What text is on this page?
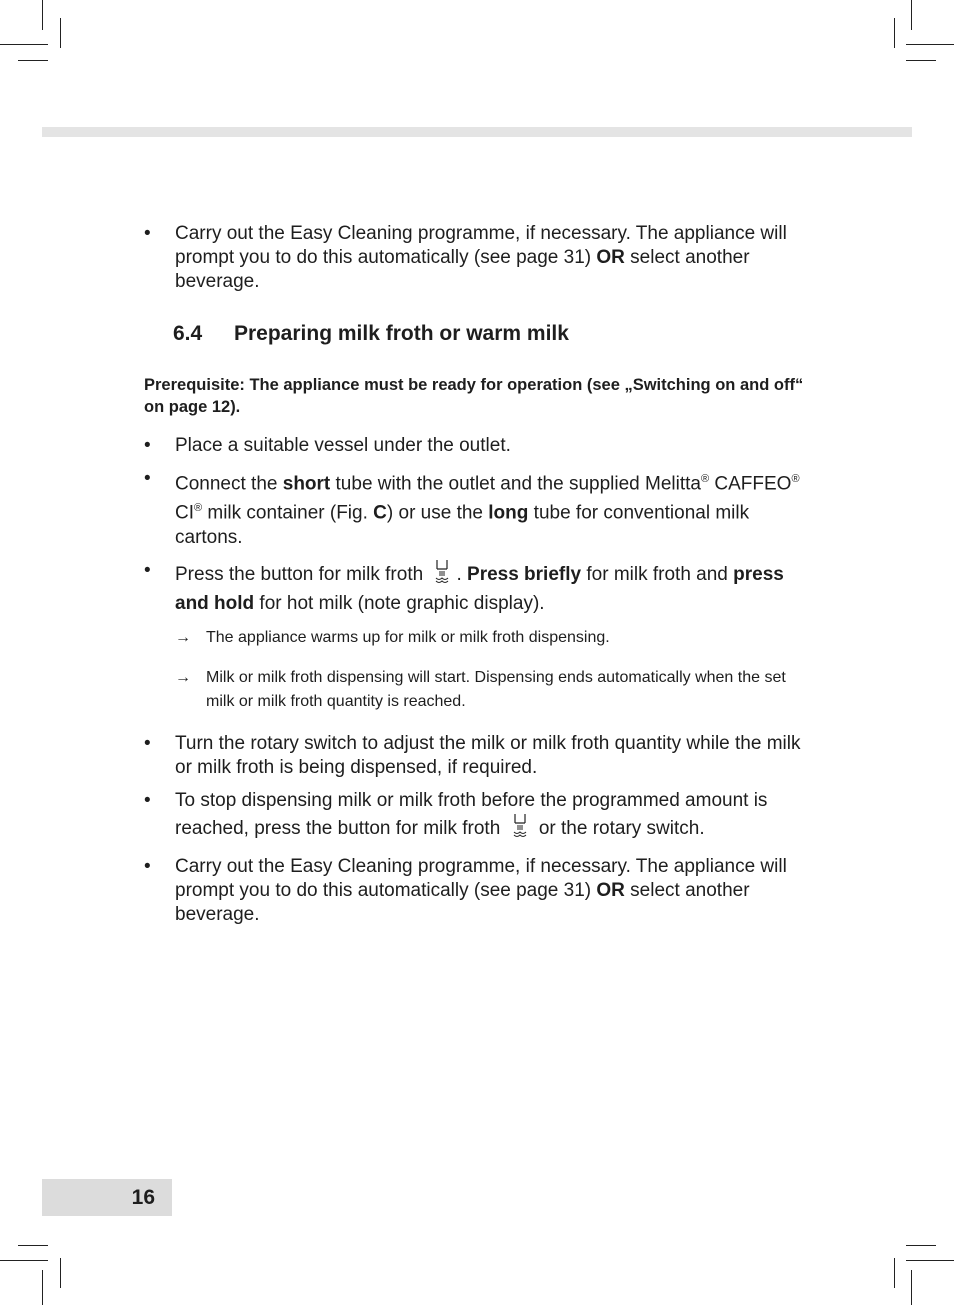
• Carry out the Easy Cleaning programme, if necessary. The appliance will prompt you to do this automatically (see page 31) OR select another beverage.
6.4	Preparing milk froth or warm milk
Prerequisite: The appliance must be ready for operation (see „Switching on and off“ on page 12).
• Place a suitable vessel under the outlet.
• Connect the short tube with the outlet and the supplied Melitta® CAFFEO® CI® milk container (Fig. C) or use the long tube for conventional milk cartons.
• Press the button for milk froth . Press briefly for milk froth and press and hold for hot milk (note graphic display).
→ The appliance warms up for milk or milk froth dispensing.
→ Milk or milk froth dispensing will start. Dispensing ends automatically when the set milk or milk froth quantity is reached.
• Turn the rotary switch to adjust the milk or milk froth quantity while the milk or milk froth is being dispensed, if required.
• To stop dispensing milk or milk froth before the programmed amount is reached, press the button for milk froth or the rotary switch.
• Carry out the Easy Cleaning programme, if necessary. The appliance will prompt you to do this automatically (see page 31) OR select another beverage.
16
